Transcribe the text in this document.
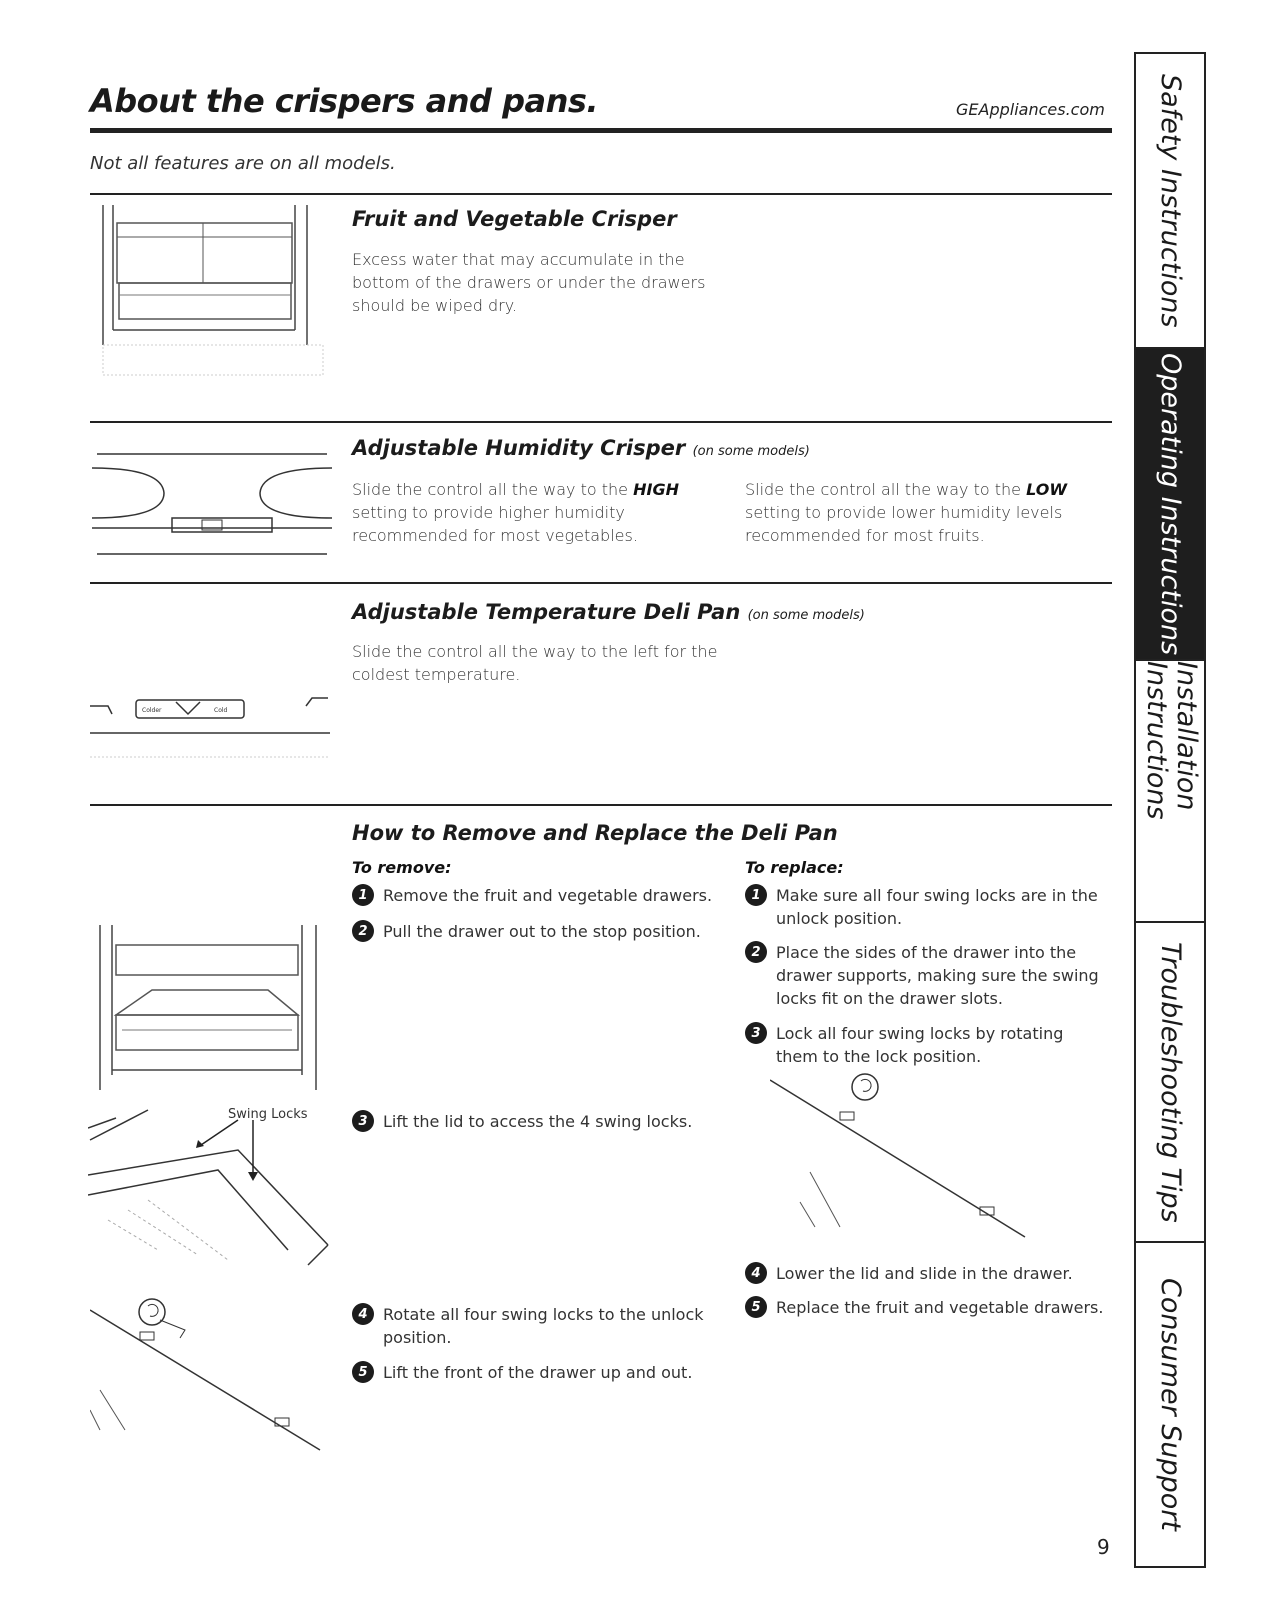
About the crispers and pans.	GEAppliances.com
Not all features are on all models.
Fruit and Vegetable Crisper
Excess water that may accumulate in the bottom of the drawers or under the drawers should be wiped dry.
Adjustable Humidity Crisper (on some models)
Slide the control all the way to the HIGH setting to provide higher humidity recommended for most vegetables.
Slide the control all the way to the LOW setting to provide lower humidity levels recommended for most fruits.
Colder	Cold
Adjustable Temperature Deli Pan (on some models)
Slide the control all the way to the left for the coldest temperature.
How to Remove and Replace the Deli Pan
To remove:	To replace:
1 Remove the fruit and vegetable drawers.
2 Pull the drawer out to the stop position.
3 Lift the lid to access the 4 swing locks.
4 Rotate all four swing locks to the unlock position.
5 Lift the front of the drawer up and out.
1 Make sure all four swing locks are in the unlock position.
2 Place the sides of the drawer into the drawer supports, making sure the swing locks fit on the drawer slots.
3 Lock all four swing locks by rotating them to the lock position.
4 Lower the lid and slide in the drawer.
5 Replace the fruit and vegetable drawers.
Swing Locks
9
Safety Instructions
Operating Instructions
Installation Instructions
Troubleshooting Tips
Consumer Support
